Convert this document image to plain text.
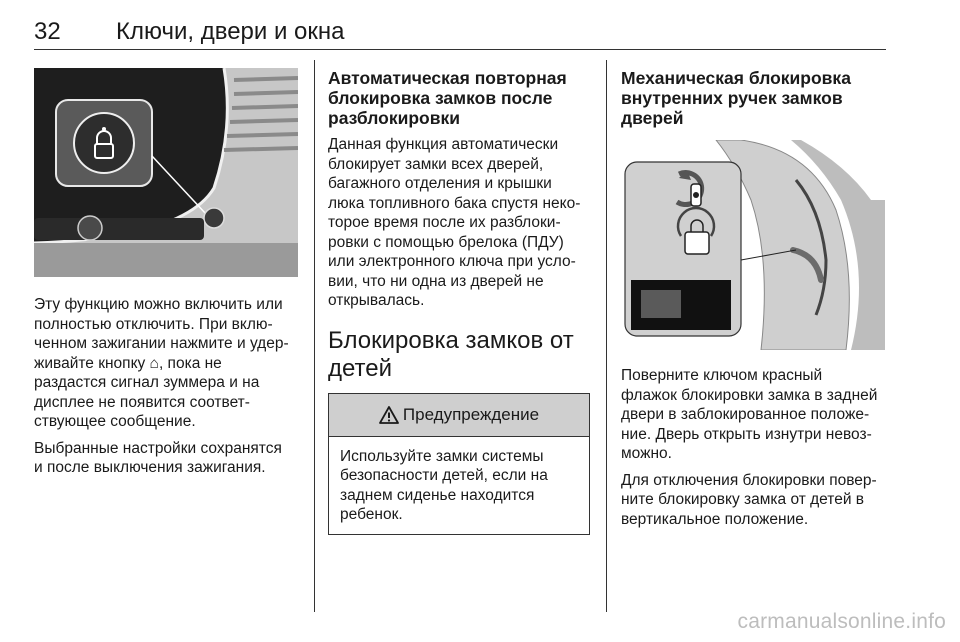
32 Ключи, двери и окна

Эту функцию можно включить или
полностью отключить. При вклю-
ченном зажигании нажмите и удер-
живайте кнопку ⌂, пока не
раздастся сигнал зуммера и на
дисплее не появится соответ-
ствующее сообщение.

Выбранные настройки сохранятся
и после выключения зажигания.

Автоматическая повторная
блокировка замков после
разблокировки

Данная функция автоматически
блокирует замки всех дверей,
багажного отделения и крышки
люка топливного бака спустя неко-
торое время после их разблоки-
ровки с помощью брелока (ПДУ)
или электронного ключа при усло-
вии, что ни одна из дверей не
открывалась.

Блокировка замков от
детей
Предупреждение
Используйте замки системы
безопасности детей, если на
заднем сиденье находится
ребенок.
Механическая блокировка
внутренних ручек замков
дверей

Поверните ключом красный
флажок блокировки замка в задней
двери в заблокированное положе-
ние. Дверь открыть изнутри невоз-
можно.

Для отключения блокировки повер-
ните блокировку замка от детей в
вертикальное положение.

carmanualsonline.info
